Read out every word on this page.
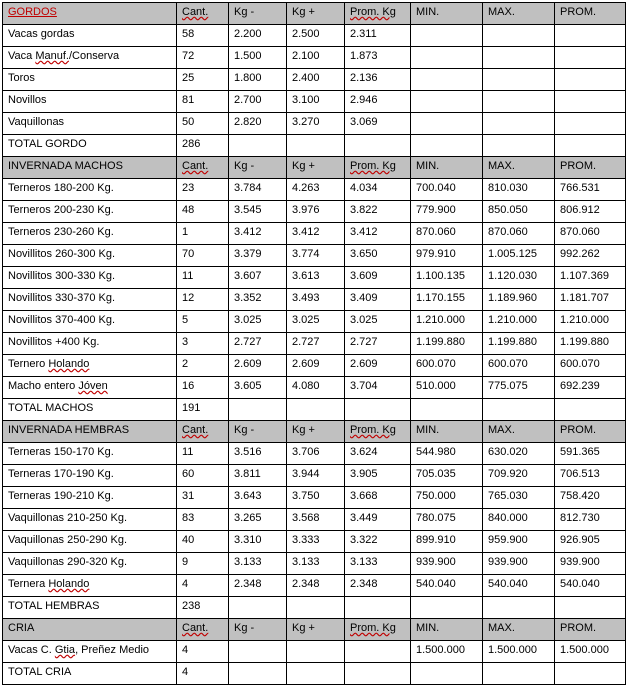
GORDOS	Cant.	Kg -	Kg +	Prom. Kg	MIN.	MAX.	PROM.
Vacas gordas	58	2.200	2.500	2.311			
Vaca Manuf./Conserva	72	1.500	2.100	1.873			
Toros	25	1.800	2.400	2.136			
Novillos	81	2.700	3.100	2.946			
Vaquillonas	50	2.820	3.270	3.069			
TOTAL GORDO	286						
INVERNADA MACHOS	Cant.	Kg -	Kg +	Prom. Kg	MIN.	MAX.	PROM.
Terneros 180-200 Kg.	23	3.784	4.263	4.034	700.040	810.030	766.531
Terneros 200-230 Kg.	48	3.545	3.976	3.822	779.900	850.050	806.912
Terneros 230-260 Kg.	1	3.412	3.412	3.412	870.060	870.060	870.060
Novillitos 260-300 Kg.	70	3.379	3.774	3.650	979.910	1.005.125	992.262
Novillitos 300-330 Kg.	11	3.607	3.613	3.609	1.100.135	1.120.030	1.107.369
Novillitos 330-370 Kg.	12	3.352	3.493	3.409	1.170.155	1.189.960	1.181.707
Novillitos 370-400 Kg.	5	3.025	3.025	3.025	1.210.000	1.210.000	1.210.000
Novillitos +400 Kg.	3	2.727	2.727	2.727	1.199.880	1.199.880	1.199.880
Ternero Holando	2	2.609	2.609	2.609	600.070	600.070	600.070
Macho entero Jóven	16	3.605	4.080	3.704	510.000	775.075	692.239
TOTAL MACHOS	191						
INVERNADA HEMBRAS	Cant.	Kg -	Kg +	Prom. Kg	MIN.	MAX.	PROM.
Terneras 150-170 Kg.	11	3.516	3.706	3.624	544.980	630.020	591.365
Terneras 170-190 Kg.	60	3.811	3.944	3.905	705.035	709.920	706.513
Terneras 190-210 Kg.	31	3.643	3.750	3.668	750.000	765.030	758.420
Vaquillonas 210-250 Kg.	83	3.265	3.568	3.449	780.075	840.000	812.730
Vaquillonas 250-290 Kg.	40	3.310	3.333	3.322	899.910	959.900	926.905
Vaquillonas 290-320 Kg.	9	3.133	3.133	3.133	939.900	939.900	939.900
Ternera Holando	4	2.348	2.348	2.348	540.040	540.040	540.040
TOTAL HEMBRAS	238						
CRIA	Cant.	Kg -	Kg +	Prom. Kg	MIN.	MAX.	PROM.
Vacas C. Gtia, Preñez Medio	4				1.500.000	1.500.000	1.500.000
TOTAL CRIA	4						
